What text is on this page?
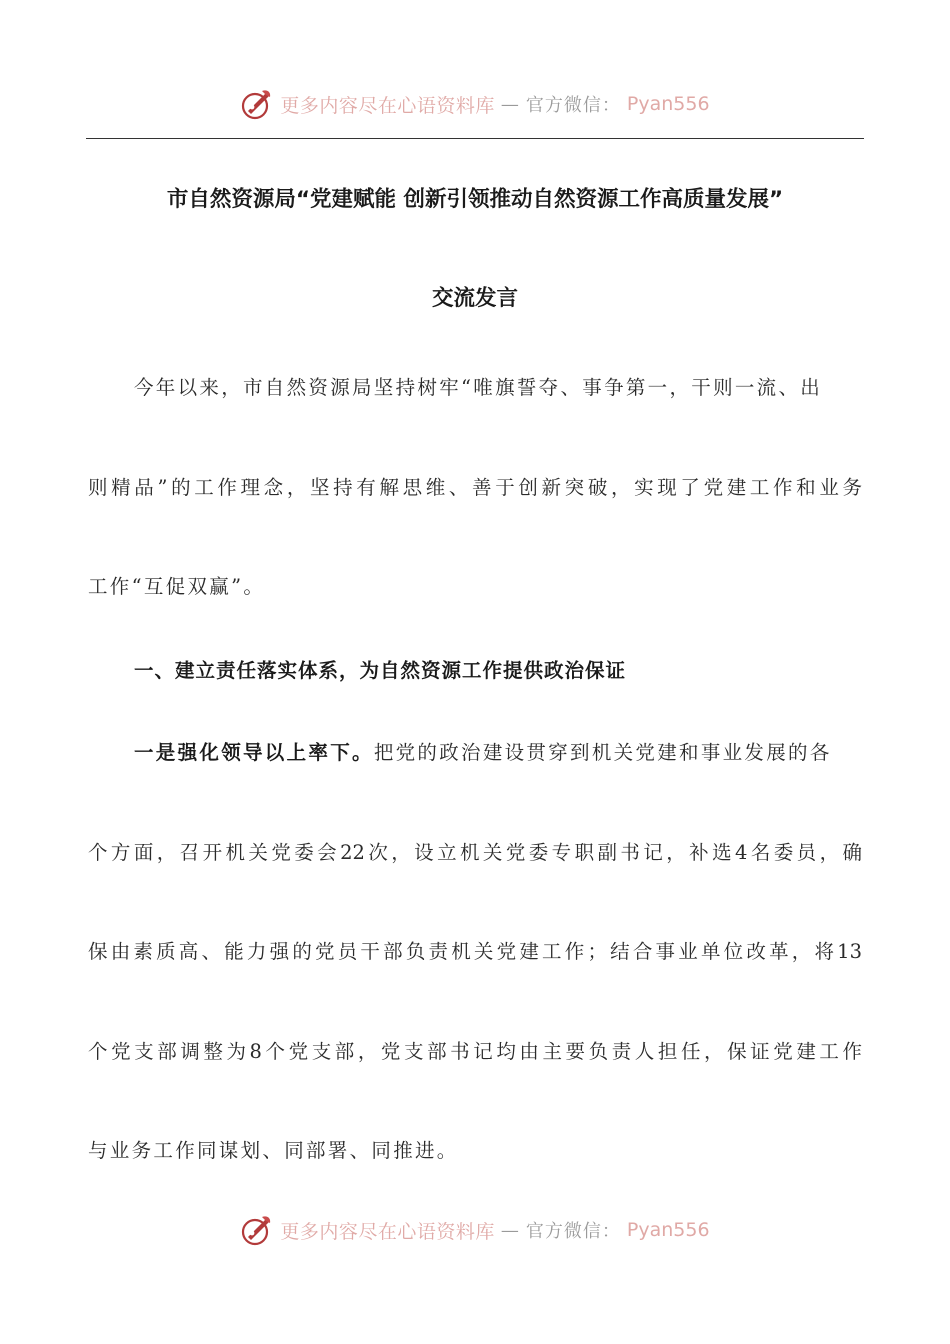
更多内容尽在心语资料库 — 官方微信： Pyan556
市自然资源局“党建赋能 创新引领推动自然资源工作高质量发展”
交流发言
今年以来，市自然资源局坚持树牢“唯旗誓夺、事争第一，干则一流、出
则精品”的工作理念，坚持有解思维、善于创新突破，实现了党建工作和业务
工作“互促双赢”。
一、建立责任落实体系，为自然资源工作提供政治保证
一是强化领导以上率下。把党的政治建设贯穿到机关党建和事业发展的各
个方面，召开机关党委会22次，设立机关党委专职副书记，补选4名委员，确
保由素质高、能力强的党员干部负责机关党建工作；结合事业单位改革，将13
个党支部调整为8个党支部，党支部书记均由主要负责人担任，保证党建工作
与业务工作同谋划、同部署、同推进。
更多内容尽在心语资料库 — 官方微信： Pyan556
